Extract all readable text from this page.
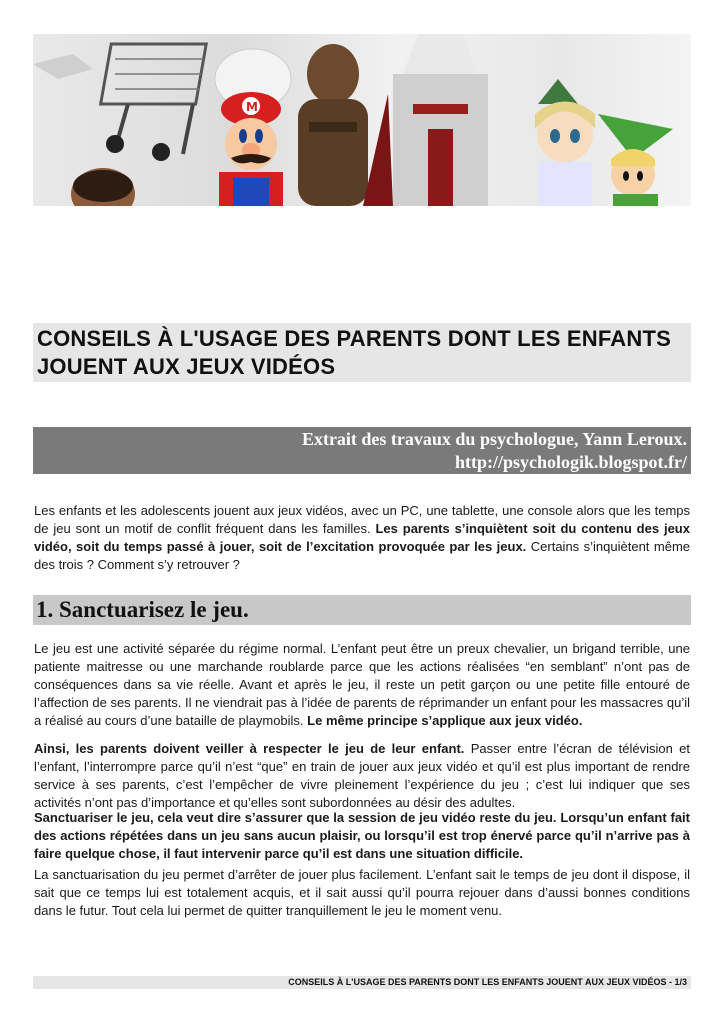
M
CONSEILS À L'USAGE DES PARENTS DONT LES ENFANTS JOUENT AUX JEUX VIDÉOS
Extrait des travaux du psychologue, Yann Leroux.
http://psychologik.blogspot.fr/

Les enfants et les adolescents jouent aux jeux vidéos, avec un PC, une tablette, une console alors que les temps de jeu sont un motif de conflit fréquent dans les familles. Les parents s’inquiètent soit du contenu des jeux vidéo, soit du temps passé à jouer, soit de l’excitation provoquée par les jeux. Certains s’inquiètent même des trois ? Comment s’y retrouver ?

1. Sanctuarisez le jeu.

Le jeu est une activité séparée du régime normal. L’enfant peut être un preux chevalier, un brigand terrible, une patiente maitresse ou une marchande roublarde parce que les actions réalisées “en semblant” n’ont pas de conséquences dans sa vie réelle. Avant et après le jeu, il reste un petit garçon ou une petite fille entouré de l’affection de ses parents. Il ne viendrait pas à l’idée de parents de réprimander un enfant pour les massacres qu’il a réalisé au cours d’une bataille de playmobils. Le même principe s’applique aux jeux vidéo.

Ainsi, les parents doivent veiller à respecter le jeu de leur enfant. Passer entre l’écran de télévision et l’enfant, l’interrompre parce qu’il n’est “que” en train de jouer aux jeux vidéo et qu’il est plus important de rendre service à ses parents, c’est l’empêcher de vivre pleinement l’expérience du jeu ; c’est lui indiquer que ses activités n’ont pas d’importance et qu’elles sont subordonnées au désir des adultes.

Sanctuariser le jeu, cela veut dire s’assurer que la session de jeu vidéo reste du jeu. Lorsqu’un enfant fait des actions répétées dans un jeu sans aucun plaisir, ou lorsqu’il est trop énervé parce qu’il n’arrive pas à faire quelque chose, il faut intervenir parce qu’il est dans une situation difficile.

La sanctuarisation du jeu permet d’arrêter de jouer plus facilement. L’enfant sait le temps de jeu dont il dispose, il sait que ce temps lui est totalement acquis, et il sait aussi qu’il pourra rejouer dans d’aussi bonnes conditions dans le futur. Tout cela lui permet de quitter tranquillement le jeu le moment venu.

CONSEILS À L'USAGE DES PARENTS DONT LES ENFANTS JOUENT AUX JEUX VIDÉOS - 1/3
